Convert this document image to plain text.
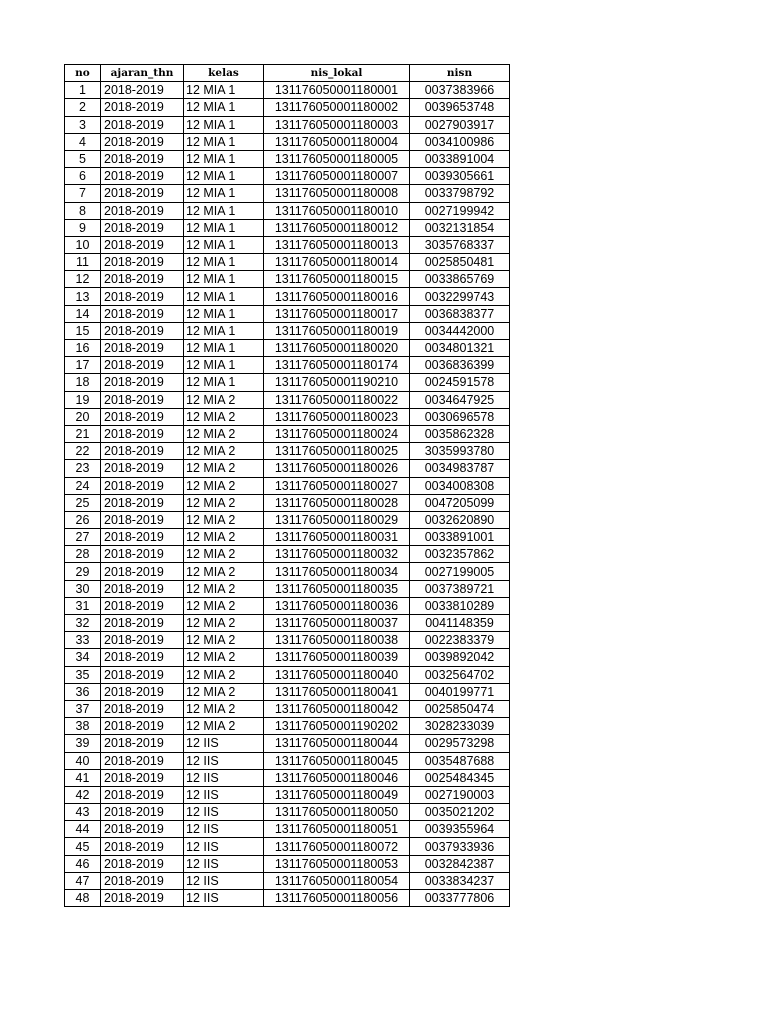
no	ajaran_thn	kelas	nis_lokal	nisn
1	2018-2019	12 MIA 1	131176050001180001	0037383966
2	2018-2019	12 MIA 1	131176050001180002	0039653748
3	2018-2019	12 MIA 1	131176050001180003	0027903917
4	2018-2019	12 MIA 1	131176050001180004	0034100986
5	2018-2019	12 MIA 1	131176050001180005	0033891004
6	2018-2019	12 MIA 1	131176050001180007	0039305661
7	2018-2019	12 MIA 1	131176050001180008	0033798792
8	2018-2019	12 MIA 1	131176050001180010	0027199942
9	2018-2019	12 MIA 1	131176050001180012	0032131854
10	2018-2019	12 MIA 1	131176050001180013	3035768337
11	2018-2019	12 MIA 1	131176050001180014	0025850481
12	2018-2019	12 MIA 1	131176050001180015	0033865769
13	2018-2019	12 MIA 1	131176050001180016	0032299743
14	2018-2019	12 MIA 1	131176050001180017	0036838377
15	2018-2019	12 MIA 1	131176050001180019	0034442000
16	2018-2019	12 MIA 1	131176050001180020	0034801321
17	2018-2019	12 MIA 1	131176050001180174	0036836399
18	2018-2019	12 MIA 1	131176050001190210	0024591578
19	2018-2019	12 MIA 2	131176050001180022	0034647925
20	2018-2019	12 MIA 2	131176050001180023	0030696578
21	2018-2019	12 MIA 2	131176050001180024	0035862328
22	2018-2019	12 MIA 2	131176050001180025	3035993780
23	2018-2019	12 MIA 2	131176050001180026	0034983787
24	2018-2019	12 MIA 2	131176050001180027	0034008308
25	2018-2019	12 MIA 2	131176050001180028	0047205099
26	2018-2019	12 MIA 2	131176050001180029	0032620890
27	2018-2019	12 MIA 2	131176050001180031	0033891001
28	2018-2019	12 MIA 2	131176050001180032	0032357862
29	2018-2019	12 MIA 2	131176050001180034	0027199005
30	2018-2019	12 MIA 2	131176050001180035	0037389721
31	2018-2019	12 MIA 2	131176050001180036	0033810289
32	2018-2019	12 MIA 2	131176050001180037	0041148359
33	2018-2019	12 MIA 2	131176050001180038	0022383379
34	2018-2019	12 MIA 2	131176050001180039	0039892042
35	2018-2019	12 MIA 2	131176050001180040	0032564702
36	2018-2019	12 MIA 2	131176050001180041	0040199771
37	2018-2019	12 MIA 2	131176050001180042	0025850474
38	2018-2019	12 MIA 2	131176050001190202	3028233039
39	2018-2019	12 IIS	131176050001180044	0029573298
40	2018-2019	12 IIS	131176050001180045	0035487688
41	2018-2019	12 IIS	131176050001180046	0025484345
42	2018-2019	12 IIS	131176050001180049	0027190003
43	2018-2019	12 IIS	131176050001180050	0035021202
44	2018-2019	12 IIS	131176050001180051	0039355964
45	2018-2019	12 IIS	131176050001180072	0037933936
46	2018-2019	12 IIS	131176050001180053	0032842387
47	2018-2019	12 IIS	131176050001180054	0033834237
48	2018-2019	12 IIS	131176050001180056	0033777806
